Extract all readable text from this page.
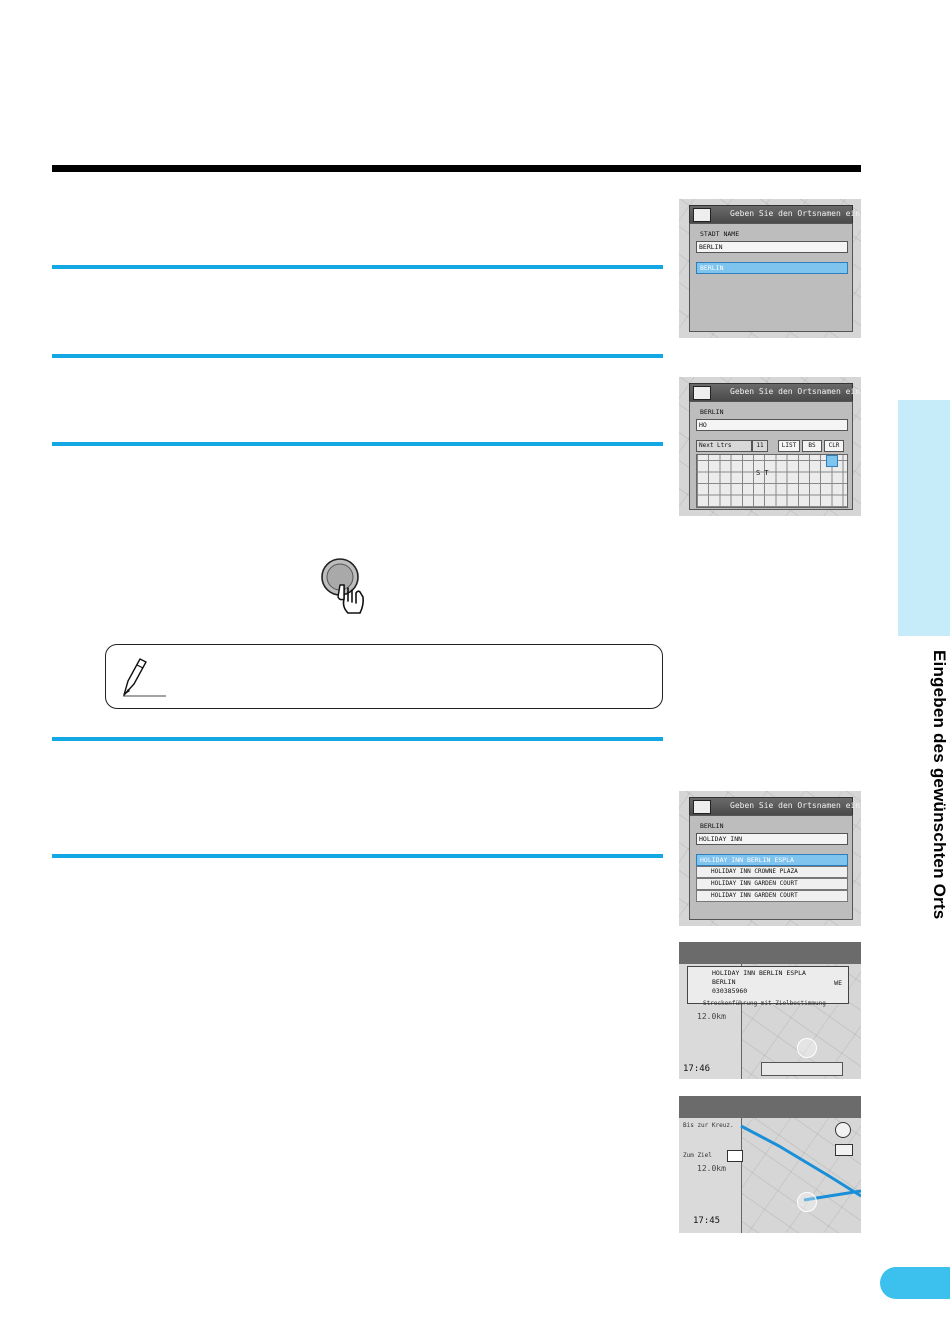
Eingeben des gewünschten Orts
Geben Sie den Ortsnamen ein
STADT NAME
BERLIN
BERLIN
Geben Sie den Ortsnamen ein
BERLIN
HO
Next Ltrs	11	LIST	BS	CLR
S T
Geben Sie den Ortsnamen ein
BERLIN
HOLIDAY INN
HOLIDAY INN BERLIN ESPLA
HOLIDAY INN CROWNE PLAZA
HOLIDAY INN GARDEN COURT
HOLIDAY INN GARDEN COURT
HOLIDAY INN BERLIN ESPLA
BERLIN
030385960
WE
Streckenführung mit Zielbestimmung
12.0km
17:46
Bis zur Kreuz.
Zum Ziel
12.0km
17:45
